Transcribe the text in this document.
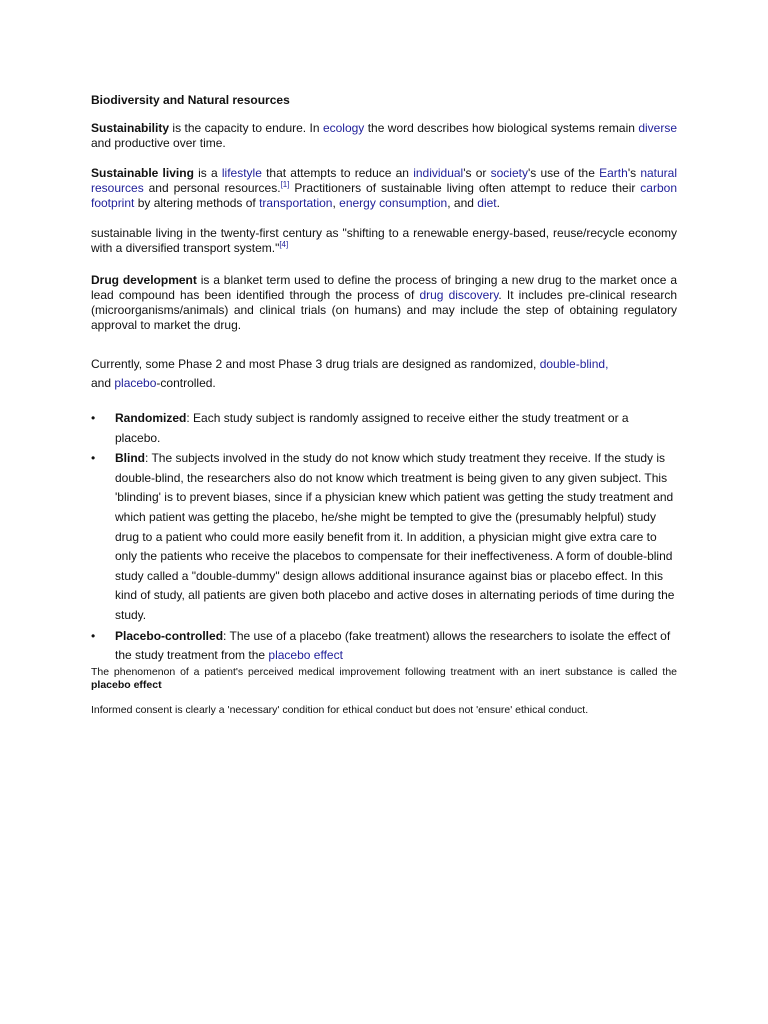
Biodiversity and Natural resources

Sustainability is the capacity to endure. In ecology the word describes how biological systems remain diverse and productive over time.

Sustainable living is a lifestyle that attempts to reduce an individual's or society's use of the Earth's natural resources and personal resources.[1] Practitioners of sustainable living often attempt to reduce their carbon footprint by altering methods of transportation, energy consumption, and diet.

sustainable living in the twenty-first century as "shifting to a renewable energy-based, reuse/recycle economy with a diversified transport system."[4]

Drug development is a blanket term used to define the process of bringing a new drug to the market once a lead compound has been identified through the process of drug discovery. It includes pre-clinical research (microorganisms/animals) and clinical trials (on humans) and may include the step of obtaining regulatory approval to market the drug.

Currently, some Phase 2 and most Phase 3 drug trials are designed as randomized, double-blind,
and placebo-controlled.

• Randomized: Each study subject is randomly assigned to receive either the study treatment or a placebo.
• Blind: The subjects involved in the study do not know which study treatment they receive. If the study is double-blind, the researchers also do not know which treatment is being given to any given subject. This 'blinding' is to prevent biases, since if a physician knew which patient was getting the study treatment and which patient was getting the placebo, he/she might be tempted to give the (presumably helpful) study drug to a patient who could more easily benefit from it. In addition, a physician might give extra care to only the patients who receive the placebos to compensate for their ineffectiveness. A form of double-blind study called a "double-dummy" design allows additional insurance against bias or placebo effect. In this kind of study, all patients are given both placebo and active doses in alternating periods of time during the study.
• Placebo-controlled: The use of a placebo (fake treatment) allows the researchers to isolate the effect of the study treatment from the placebo effect

The phenomenon of a patient's perceived medical improvement following treatment with an inert substance is called the placebo effect

Informed consent is clearly a 'necessary' condition for ethical conduct but does not 'ensure' ethical conduct.
